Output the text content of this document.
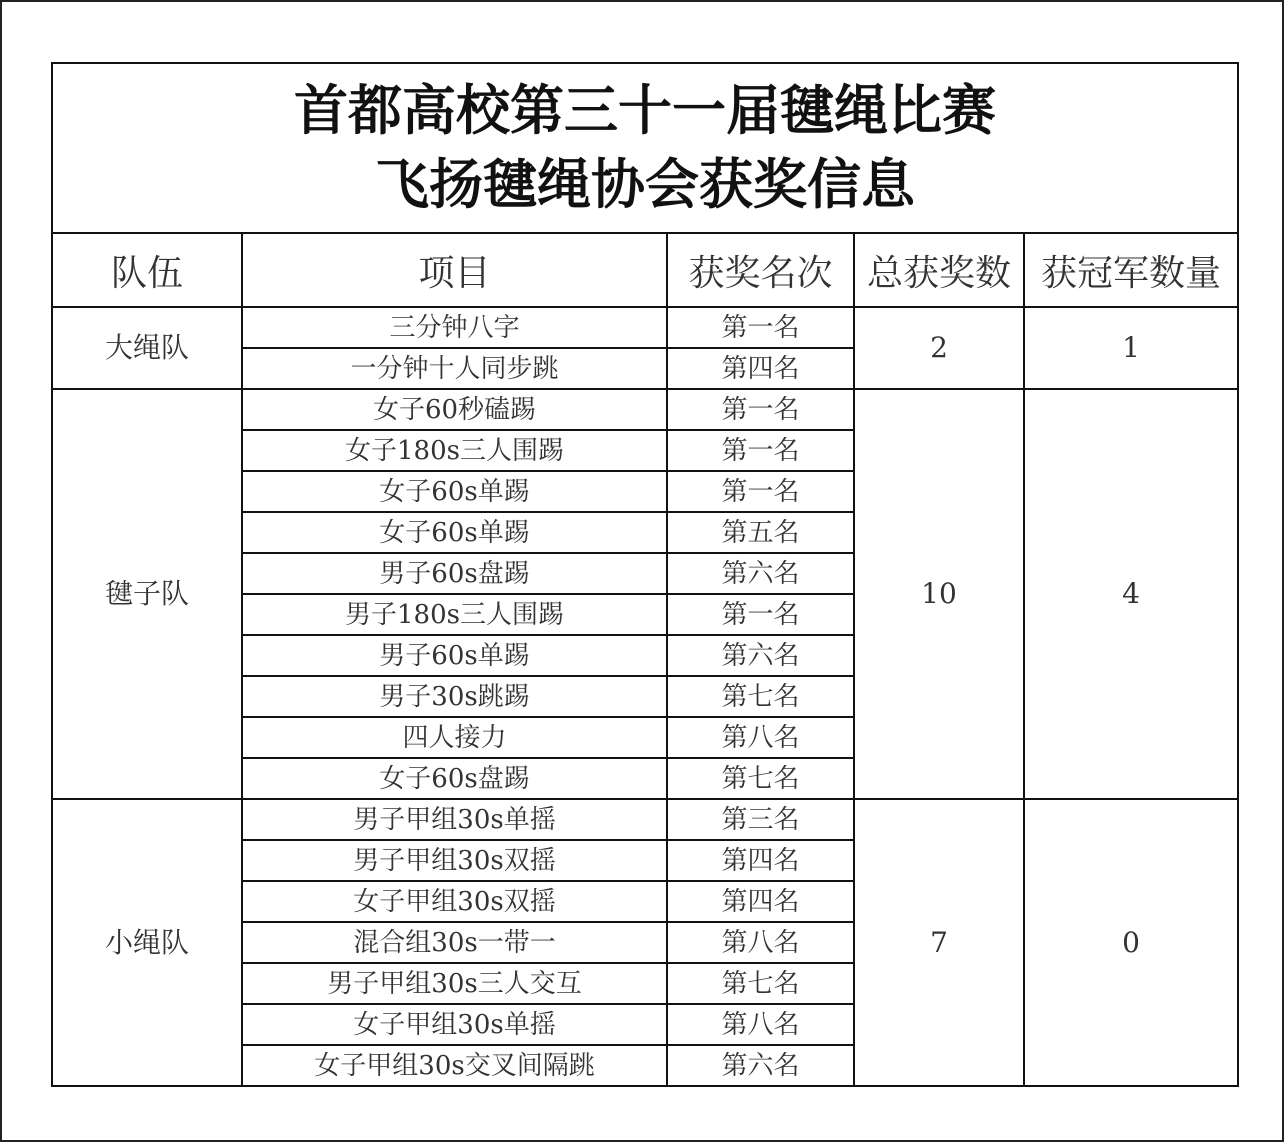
首都高校第三十一届毽绳比赛
飞扬毽绳协会获奖信息				

队伍	项目	获奖名次	总获奖数	获冠军数量
大绳队	三分钟八字	第一名	2	1
	一分钟十人同步跳	第四名		
毽子队	女子60秒磕踢	第一名	10	4
	女子180s三人围踢	第一名		
	女子60s单踢	第一名		
	女子60s单踢	第五名		
	男子60s盘踢	第六名		
	男子180s三人围踢	第一名		
	男子60s单踢	第六名		
	男子30s跳踢	第七名		
	四人接力	第八名		
	女子60s盘踢	第七名		
小绳队	男子甲组30s单摇	第三名	7	0
	男子甲组30s双摇	第四名		
	女子甲组30s双摇	第四名		
	混合组30s一带一	第八名		
	男子甲组30s三人交互	第七名		
	女子甲组30s单摇	第八名		
	女子甲组30s交叉间隔跳	第六名		
